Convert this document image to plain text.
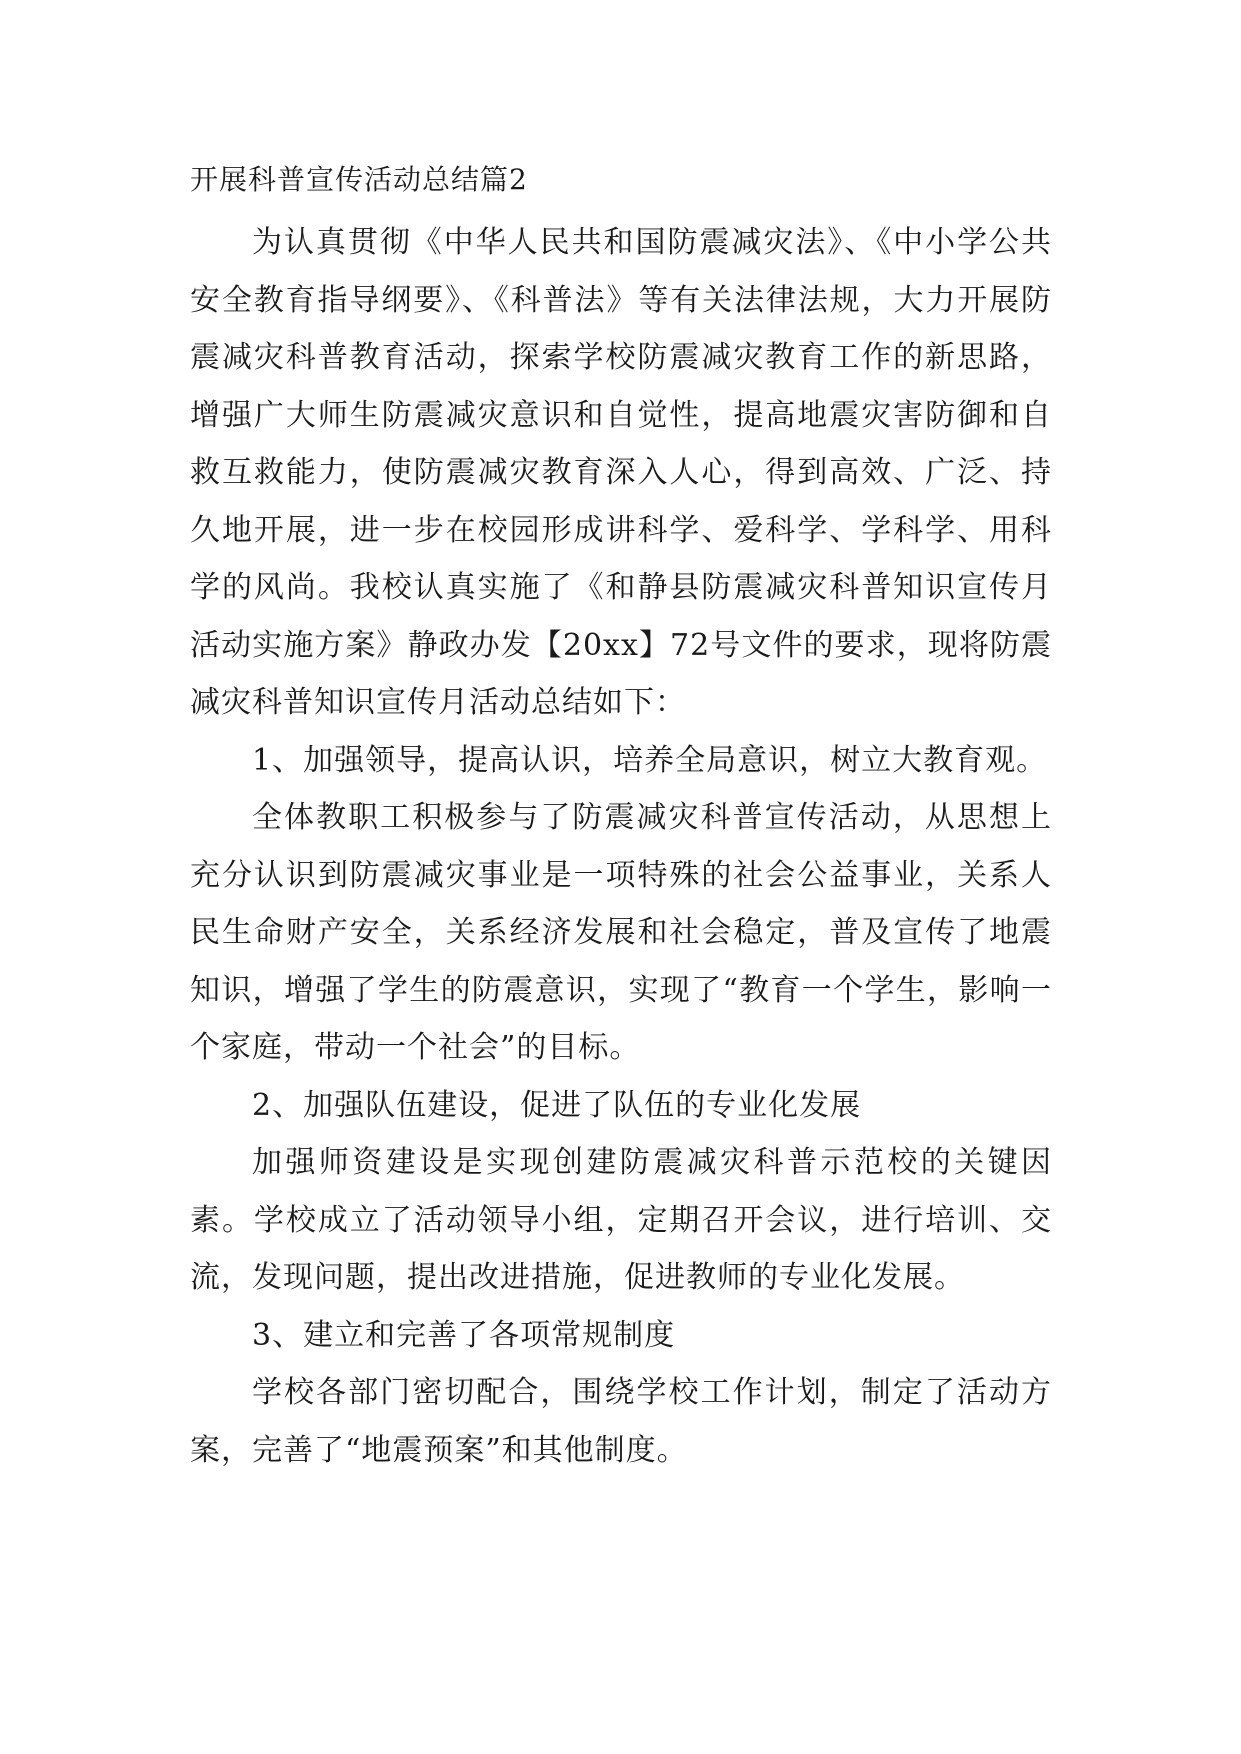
开展科普宣传活动总结篇2

为认真贯彻《中华人民共和国防震减灾法》、《中小学公共安全教育指导纲要》、《科普法》等有关法律法规，大力开展防震减灾科普教育活动，探索学校防震减灾教育工作的新思路，增强广大师生防震减灾意识和自觉性，提高地震灾害防御和自救互救能力，使防震减灾教育深入人心，得到高效、广泛、持久地开展，进一步在校园形成讲科学、爱科学、学科学、用科学的风尚。我校认真实施了《和静县防震减灾科普知识宣传月活动实施方案》静政办发【20xx】72号文件的要求，现将防震减灾科普知识宣传月活动总结如下：

1、加强领导，提高认识，培养全局意识，树立大教育观。

全体教职工积极参与了防震减灾科普宣传活动，从思想上充分认识到防震减灾事业是一项特殊的社会公益事业，关系人民生命财产安全，关系经济发展和社会稳定，普及宣传了地震知识，增强了学生的防震意识，实现了“教育一个学生，影响一个家庭，带动一个社会”的目标。

2、加强队伍建设，促进了队伍的专业化发展

加强师资建设是实现创建防震减灾科普示范校的关键因素。学校成立了活动领导小组，定期召开会议，进行培训、交流，发现问题，提出改进措施，促进教师的专业化发展。

3、建立和完善了各项常规制度

学校各部门密切配合，围绕学校工作计划，制定了活动方案，完善了“地震预案”和其他制度。
